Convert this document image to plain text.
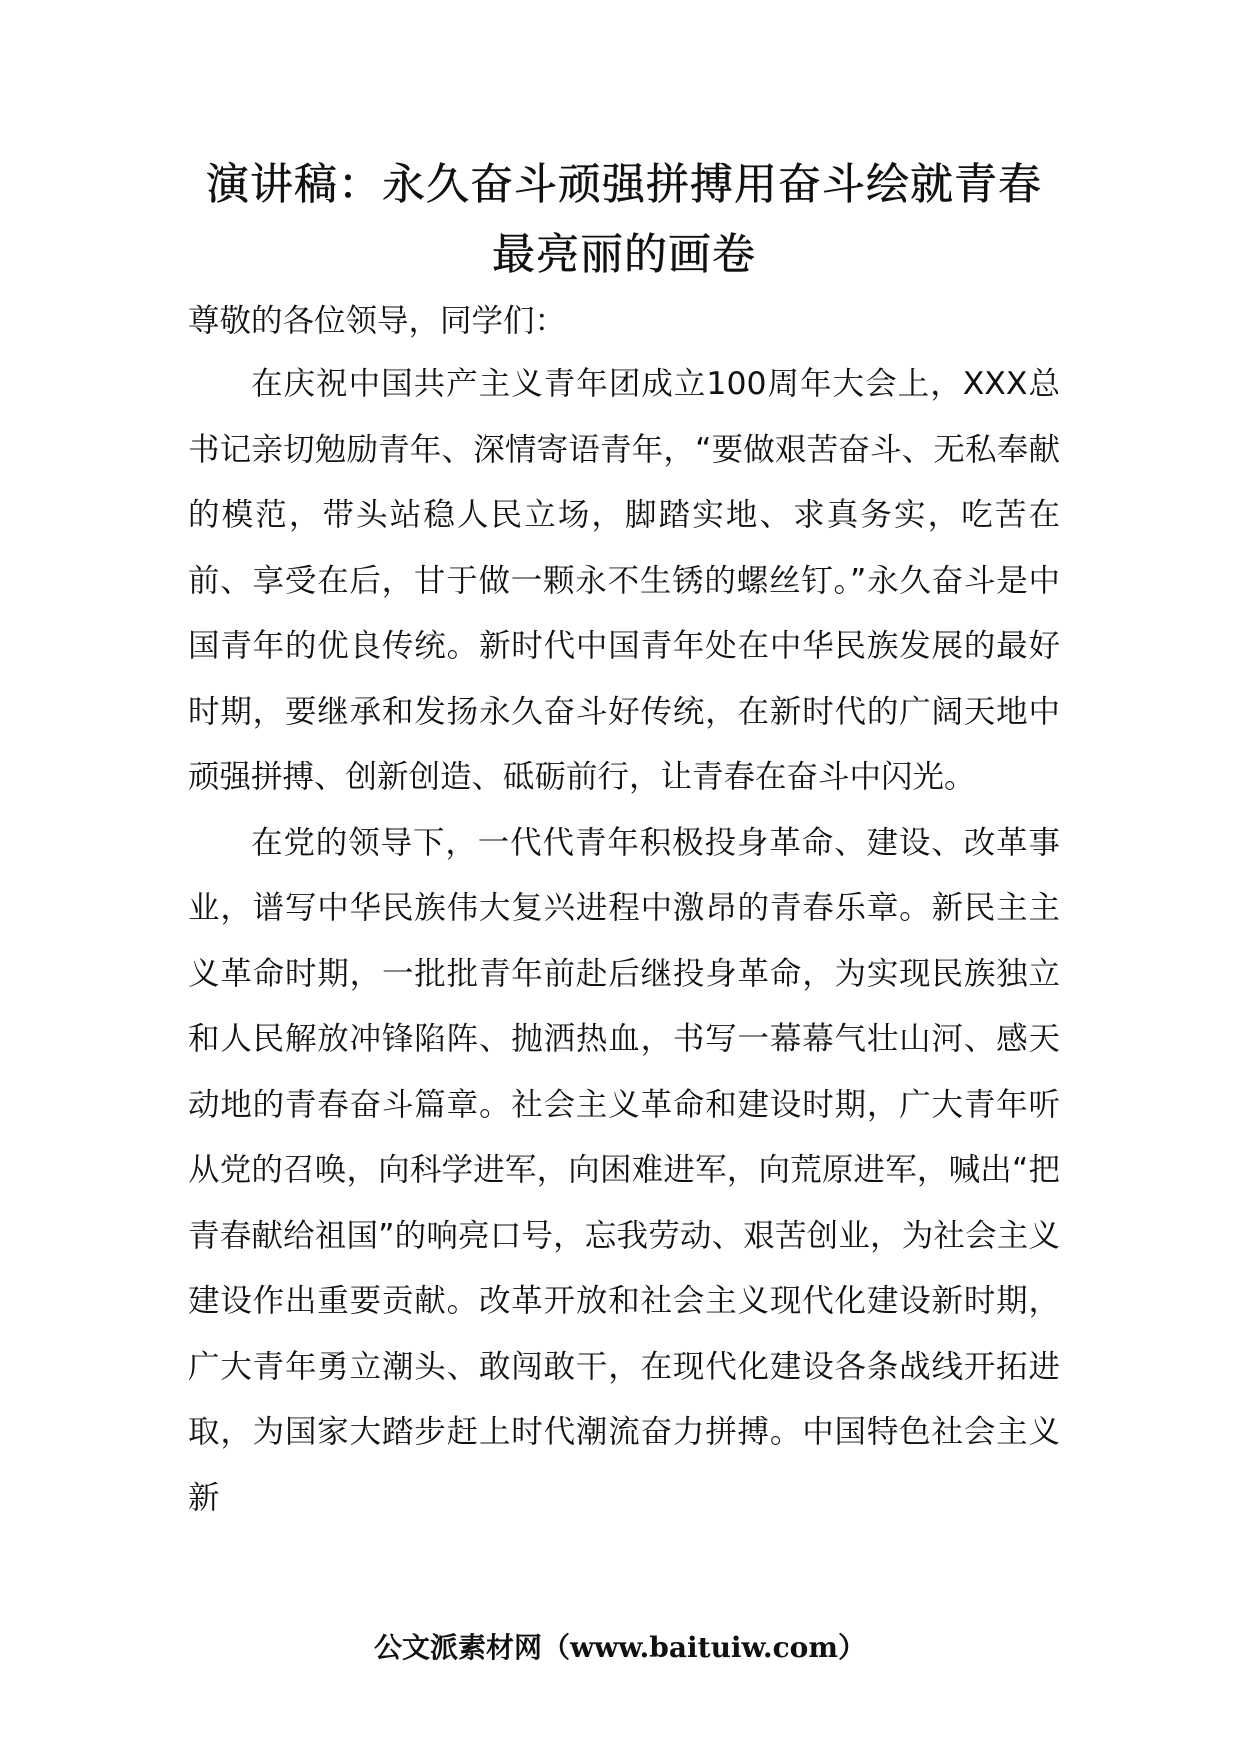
演讲稿：永久奋斗顽强拼搏用奋斗绘就青春最亮丽的画卷

尊敬的各位领导，同学们：

在庆祝中国共产主义青年团成立100周年大会上，XXX总书记亲切勉励青年、深情寄语青年，“要做艰苦奋斗、无私奉献的模范，带头站稳人民立场，脚踏实地、求真务实，吃苦在前、享受在后，甘于做一颗永不生锈的螺丝钉。”永久奋斗是中国青年的优良传统。新时代中国青年处在中华民族发展的最好时期，要继承和发扬永久奋斗好传统，在新时代的广阔天地中顽强拼搏、创新创造、砥砺前行，让青春在奋斗中闪光。

在党的领导下，一代代青年积极投身革命、建设、改革事业，谱写中华民族伟大复兴进程中激昂的青春乐章。新民主主义革命时期，一批批青年前赴后继投身革命，为实现民族独立和人民解放冲锋陷阵、抛洒热血，书写一幕幕气壮山河、感天动地的青春奋斗篇章。社会主义革命和建设时期，广大青年听从党的召唤，向科学进军，向困难进军，向荒原进军，喊出“把青春献给祖国”的响亮口号，忘我劳动、艰苦创业，为社会主义建设作出重要贡献。改革开放和社会主义现代化建设新时期，广大青年勇立潮头、敢闯敢干，在现代化建设各条战线开拓进取，为国家大踏步赶上时代潮流奋力拼搏。中国特色社会主义新

公文派素材网（www.baituiw.com）
